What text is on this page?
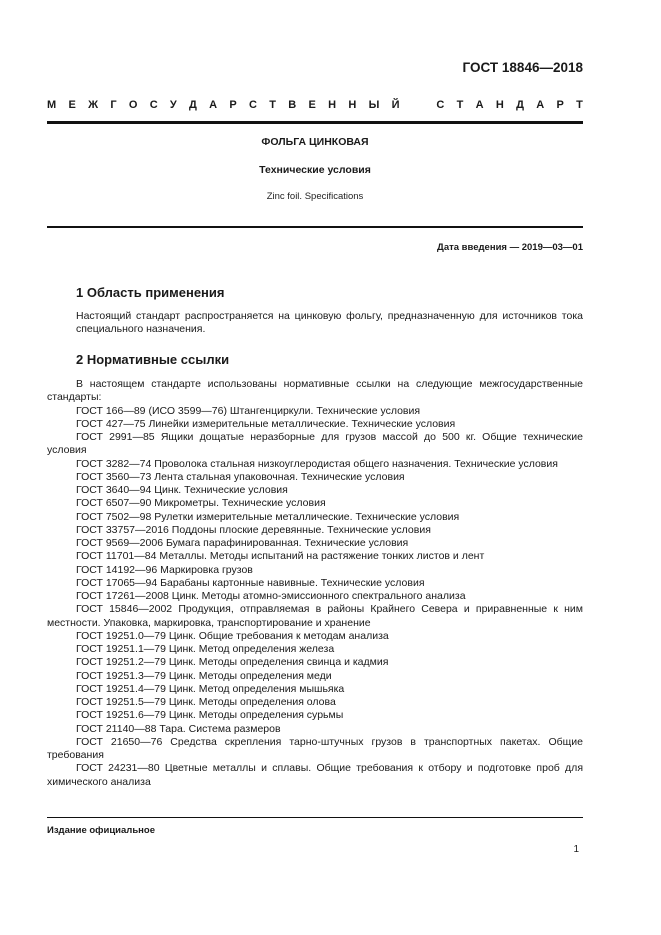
ГОСТ 18846—2018
М Е Ж Г О С У Д А Р С Т В Е Н Н Ы Й	С Т А Н Д А Р Т

ФОЛЬГА ЦИНКОВАЯ

Технические условия

Zinc foil. Specifications

Дата введения — 2019—03—01
1 Область применения

Настоящий стандарт распространяется на цинковую фольгу, предназначенную для источников тока специального назначения.

2 Нормативные ссылки

В настоящем стандарте использованы нормативные ссылки на следующие межгосударственные стандарты:

ГОСТ 166—89 (ИСО 3599—76) Штангенциркули. Технические условия

ГОСТ 427—75 Линейки измерительные металлические. Технические условия

ГОСТ 2991—85 Ящики дощатые неразборные для грузов массой до 500 кг. Общие технические условия

ГОСТ 3282—74 Проволока стальная низкоуглеродистая общего назначения. Технические условия

ГОСТ 3560—73 Лента стальная упаковочная. Технические условия

ГОСТ 3640—94 Цинк. Технические условия

ГОСТ 6507—90 Микрометры. Технические условия

ГОСТ 7502—98 Рулетки измерительные металлические. Технические условия

ГОСТ 33757—2016 Поддоны плоские деревянные. Технические условия

ГОСТ 9569—2006 Бумага парафинированная. Технические условия

ГОСТ 11701—84 Металлы. Методы испытаний на растяжение тонких листов и лент

ГОСТ 14192—96 Маркировка грузов

ГОСТ 17065—94 Барабаны картонные навивные. Технические условия

ГОСТ 17261—2008 Цинк. Методы атомно-эмиссионного спектрального анализа

ГОСТ 15846—2002 Продукция, отправляемая в районы Крайнего Севера и приравненные к ним местности. Упаковка, маркировка, транспортирование и хранение

ГОСТ 19251.0—79 Цинк. Общие требования к методам анализа

ГОСТ 19251.1—79 Цинк. Метод определения железа

ГОСТ 19251.2—79 Цинк. Методы определения свинца и кадмия

ГОСТ 19251.3—79 Цинк. Методы определения меди

ГОСТ 19251.4—79 Цинк. Метод определения мышьяка

ГОСТ 19251.5—79 Цинк. Методы определения олова

ГОСТ 19251.6—79 Цинк. Методы определения сурьмы

ГОСТ 21140—88 Тара. Система размеров

ГОСТ 21650—76 Средства скрепления тарно-штучных грузов в транспортных пакетах. Общие требования

ГОСТ 24231—80 Цветные металлы и сплавы. Общие требования к отбору и подготовке проб для химического анализа

Издание официальное
1
